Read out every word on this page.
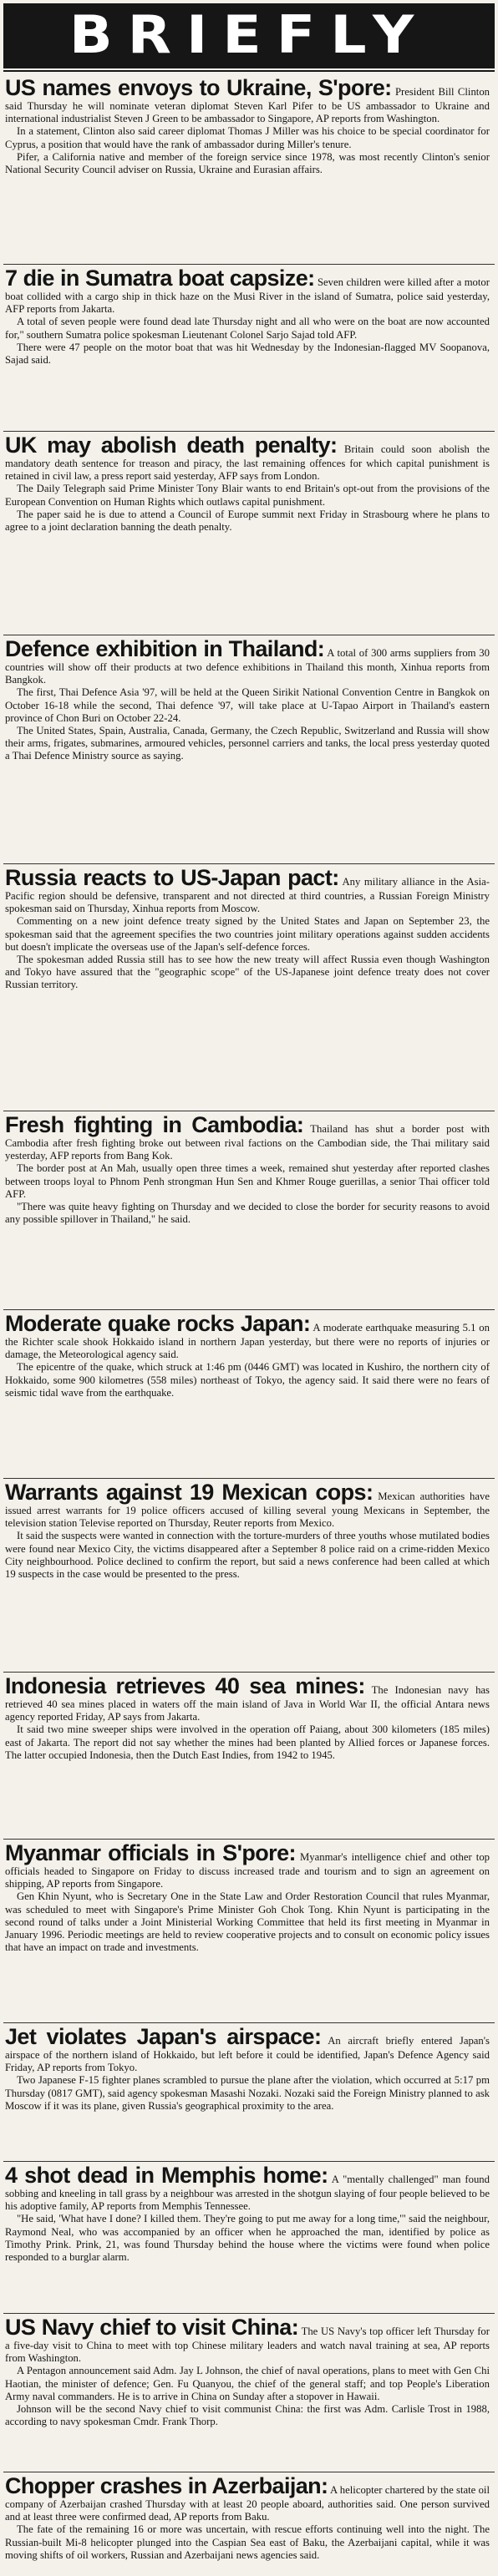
BRIEFLY

US names envoys to Ukraine, S'pore: President Bill Clinton said Thursday he will nominate veteran diplomat Steven Karl Pifer to be US ambassador to Ukraine and international industrialist Steven J Green to be ambassador to Singapore, AP reports from Washington.

In a statement, Clinton also said career diplomat Thomas J Miller was his choice to be special coordinator for Cyprus, a position that would have the rank of ambassador during Miller's tenure.

Pifer, a California native and member of the foreign service since 1978, was most recently Clinton's senior National Security Council adviser on Russia, Ukraine and Eurasian affairs.

7 die in Sumatra boat capsize: Seven children were killed after a motor boat collided with a cargo ship in thick haze on the Musi River in the island of Sumatra, police said yesterday, AFP reports from Jakarta.

A total of seven people were found dead late Thursday night and all who were on the boat are now accounted for," southern Sumatra police spokesman Lieutenant Colonel Sarjo Sajad told AFP.

There were 47 people on the motor boat that was hit Wednesday by the Indonesian-flagged MV Soopanova, Sajad said.

UK may abolish death penalty: Britain could soon abolish the mandatory death sentence for treason and piracy, the last remaining offences for which capital punishment is retained in civil law, a press report said yesterday, AFP says from London.

The Daily Telegraph said Prime Minister Tony Blair wants to end Britain's opt-out from the provisions of the European Convention on Human Rights which outlaws capital punishment.

The paper said he is due to attend a Council of Europe summit next Friday in Strasbourg where he plans to agree to a joint declaration banning the death penalty.

Defence exhibition in Thailand: A total of 300 arms suppliers from 30 countries will show off their products at two defence exhibitions in Thailand this month, Xinhua reports from Bangkok.

The first, Thai Defence Asia '97, will be held at the Queen Sirikit National Convention Centre in Bangkok on October 16-18 while the second, Thai defence '97, will take place at U-Tapao Airport in Thailand's eastern province of Chon Buri on October 22-24.

The United States, Spain, Australia, Canada, Germany, the Czech Republic, Switzerland and Russia will show their arms, frigates, submarines, armoured vehicles, personnel carriers and tanks, the local press yesterday quoted a Thai Defence Ministry source as saying.

Russia reacts to US-Japan pact: Any military alliance in the Asia-Pacific region should be defensive, transparent and not directed at third countries, a Russian Foreign Ministry spokesman said on Thursday, Xinhua reports from Moscow.

Commenting on a new joint defence treaty signed by the United States and Japan on September 23, the spokesman said that the agreement specifies the two countries joint military operations against sudden accidents but doesn't implicate the overseas use of the Japan's self-defence forces.

The spokesman added Russia still has to see how the new treaty will affect Russia even though Washington and Tokyo have assured that the "geographic scope" of the US-Japanese joint defence treaty does not cover Russian territory.

Fresh fighting in Cambodia: Thailand has shut a border post with Cambodia after fresh fighting broke out between rival factions on the Cambodian side, the Thai military said yesterday, AFP reports from Bang Kok.

The border post at An Mah, usually open three times a week, remained shut yesterday after reported clashes between troops loyal to Phnom Penh strongman Hun Sen and Khmer Rouge guerillas, a senior Thai officer told AFP.

"There was quite heavy fighting on Thursday and we decided to close the border for security reasons to avoid any possible spillover in Thailand," he said.

Moderate quake rocks Japan: A moderate earthquake measuring 5.1 on the Richter scale shook Hokkaido island in northern Japan yesterday, but there were no reports of injuries or damage, the Meteorological agency said.

The epicentre of the quake, which struck at 1:46 pm (0446 GMT) was located in Kushiro, the northern city of Hokkaido, some 900 kilometres (558 miles) northeast of Tokyo, the agency said. It said there were no fears of seismic tidal wave from the earthquake.

Warrants against 19 Mexican cops: Mexican authorities have issued arrest warrants for 19 police officers accused of killing several young Mexicans in September, the television station Televise reported on Thursday, Reuter reports from Mexico.

It said the suspects were wanted in connection with the torture-murders of three youths whose mutilated bodies were found near Mexico City, the victims disappeared after a September 8 police raid on a crime-ridden Mexico City neighbourhood. Police declined to confirm the report, but said a news conference had been called at which 19 suspects in the case would be presented to the press.

Indonesia retrieves 40 sea mines: The Indonesian navy has retrieved 40 sea mines placed in waters off the main island of Java in World War II, the official Antara news agency reported Friday, AP says from Jakarta.

It said two mine sweeper ships were involved in the operation off Paiang, about 300 kilometers (185 miles) east of Jakarta. The report did not say whether the mines had been planted by Allied forces or Japanese forces. The latter occupied Indonesia, then the Dutch East Indies, from 1942 to 1945.

Myanmar officials in S'pore: Myanmar's intelligence chief and other top officials headed to Singapore on Friday to discuss increased trade and tourism and to sign an agreement on shipping, AP reports from Singapore.

Gen Khin Nyunt, who is Secretary One in the State Law and Order Restoration Council that rules Myanmar, was scheduled to meet with Singapore's Prime Minister Goh Chok Tong. Khin Nyunt is participating in the second round of talks under a Joint Ministerial Working Committee that held its first meeting in Myanmar in January 1996. Periodic meetings are held to review cooperative projects and to consult on economic policy issues that have an impact on trade and investments.

Jet violates Japan's airspace: An aircraft briefly entered Japan's airspace of the northern island of Hokkaido, but left before it could be identified, Japan's Defence Agency said Friday, AP reports from Tokyo.

Two Japanese F-15 fighter planes scrambled to pursue the plane after the violation, which occurred at 5:17 pm Thursday (0817 GMT), said agency spokesman Masashi Nozaki. Nozaki said the Foreign Ministry planned to ask Moscow if it was its plane, given Russia's geographical proximity to the area.

4 shot dead in Memphis home: A "mentally challenged" man found sobbing and kneeling in tall grass by a neighbour was arrested in the shotgun slaying of four people believed to be his adoptive family, AP reports from Memphis Tennessee.

"He said, 'What have I done? I killed them. They're going to put me away for a long time,'" said the neighbour, Raymond Neal, who was accompanied by an officer when he approached the man, identified by police as Timothy Prink. Prink, 21, was found Thursday behind the house where the victims were found when police responded to a burglar alarm.

US Navy chief to visit China: The US Navy's top officer left Thursday for a five-day visit to China to meet with top Chinese military leaders and watch naval training at sea, AP reports from Washington.

A Pentagon announcement said Adm. Jay L Johnson, the chief of naval operations, plans to meet with Gen Chi Haotian, the minister of defence; Gen. Fu Quanyou, the chief of the general staff; and top People's Liberation Army naval commanders. He is to arrive in China on Sunday after a stopover in Hawaii.

Johnson will be the second Navy chief to visit communist China: the first was Adm. Carlisle Trost in 1988, according to navy spokesman Cmdr. Frank Thorp.

Chopper crashes in Azerbaijan: A helicopter chartered by the state oil company of Azerbaijan crashed Thursday with at least 20 people aboard, authorities said. One person survived and at least three were confirmed dead, AP reports from Baku.

The fate of the remaining 16 or more was uncertain, with rescue efforts continuing well into the night. The Russian-built Mi-8 helicopter plunged into the Caspian Sea east of Baku, the Azerbaijani capital, while it was moving shifts of oil workers, Russian and Azerbaijani news agencies said.
